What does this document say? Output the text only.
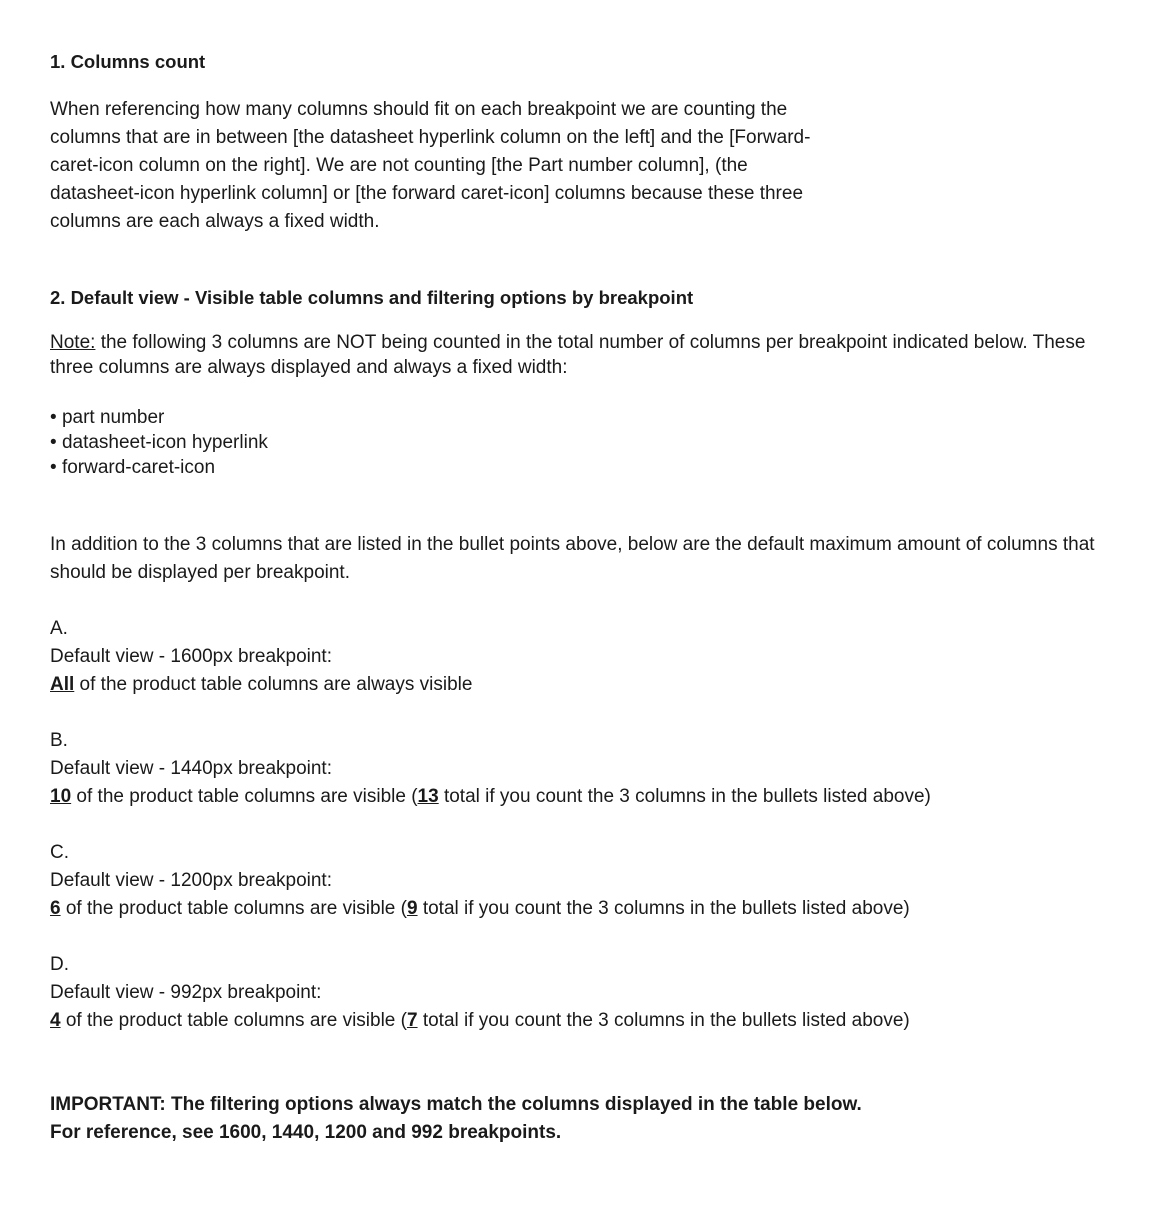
1. Columns count

When referencing how many columns should fit on each breakpoint we are counting the columns that are in between [the datasheet hyperlink column on the left] and the [Forward-caret-icon column on the right]. We are not counting [the Part number column], (the datasheet-icon hyperlink column] or [the forward caret-icon] columns because these three columns are each always a fixed width.

2. Default view - Visible table columns and filtering options by breakpoint

Note: the following 3 columns are NOT being counted in the total number of columns per breakpoint indicated below. These three columns are always displayed and always a fixed width:

• part number
• datasheet-icon hyperlink
• forward-caret-icon

In addition to the 3 columns that are listed in the bullet points above, below are the default maximum amount of columns that should be displayed per breakpoint.

A.
Default view - 1600px breakpoint:
All of the product table columns are always visible
B.
Default view - 1440px breakpoint:
10 of the product table columns are visible (13 total if you count the 3 columns in the bullets listed above)
C.
Default view - 1200px breakpoint:
6 of the product table columns are visible (9 total if you count the 3 columns in the bullets listed above)
D.
Default view - 992px breakpoint:
4 of the product table columns are visible (7 total if you count the 3 columns in the bullets listed above)
IMPORTANT: The filtering options always match the columns displayed in the table below.
For reference, see 1600, 1440, 1200 and 992 breakpoints.
